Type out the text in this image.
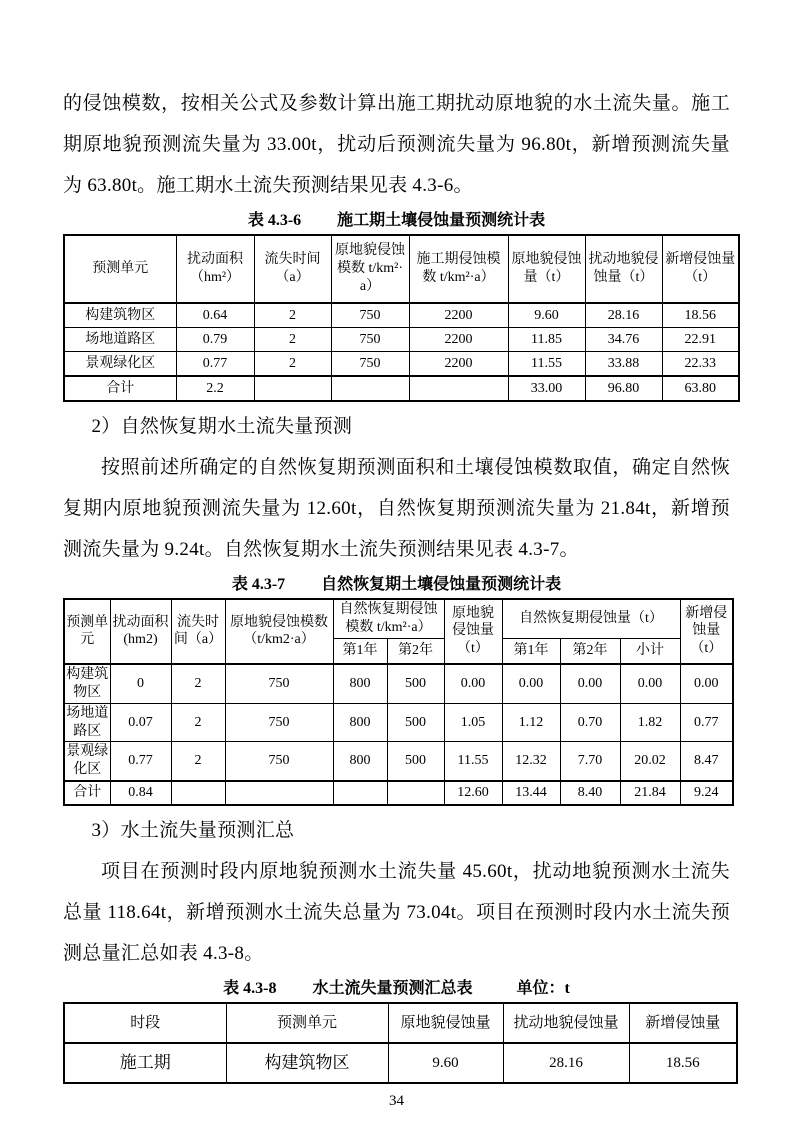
的侵蚀模数，按相关公式及参数计算出施工期扰动原地貌的水土流失量。施工期原地貌预测流失量为 33.00t，扰动后预测流失量为 96.80t，新增预测流失量为 63.80t。施工期水土流失预测结果见表 4.3-6。

表 4.3-6 施工期土壤侵蚀量预测统计表
预测单元	扰动面积（hm²）	流失时间（a）	原地貌侵蚀模数 t/km²·a）	施工期侵蚀模数 t/km²·a）	原地貌侵蚀量（t）	扰动地貌侵蚀量（t）	新增侵蚀量（t）
构建筑物区	0.64	2	750	2200	9.60	28.16	18.56
场地道路区	0.79	2	750	2200	11.85	34.76	22.91
景观绿化区	0.77	2	750	2200	11.55	33.88	22.33
合计	2.2				33.00	96.80	63.80

2）自然恢复期水土流失量预测

按照前述所确定的自然恢复期预测面积和土壤侵蚀模数取值，确定自然恢复期内原地貌预测流失量为 12.60t，自然恢复期预测流失量为 21.84t，新增预测流失量为 9.24t。自然恢复期水土流失预测结果见表 4.3-7。

表 4.3-7 自然恢复期土壤侵蚀量预测统计表
预测单元	扰动面积(hm2)	流失时间（a）	原地貌侵蚀模数（t/km2·a）	自然恢复期侵蚀模数 t/km²·a）		原地貌侵蚀量（t）	自然恢复期侵蚀量（t）			新增侵蚀量（t）
				第1年	第2年		第1年	第2年	小计	
构建筑物区	0	2	750	800	500	0.00	0.00	0.00	0.00	0.00
场地道路区	0.07	2	750	800	500	1.05	1.12	0.70	1.82	0.77
景观绿化区	0.77	2	750	800	500	11.55	12.32	7.70	20.02	8.47
合计	0.84					12.60	13.44	8.40	21.84	9.24

3）水土流失量预测汇总

项目在预测时段内原地貌预测水土流失量 45.60t，扰动地貌预测水土流失总量 118.64t，新增预测水土流失总量为 73.04t。项目在预测时段内水土流失预测总量汇总如表 4.3-8。

表 4.3-8 水土流失量预测汇总表	单位：t
时段	预测单元	原地貌侵蚀量	扰动地貌侵蚀量	新增侵蚀量
施工期	构建筑物区	9.60	28.16	18.56
34
